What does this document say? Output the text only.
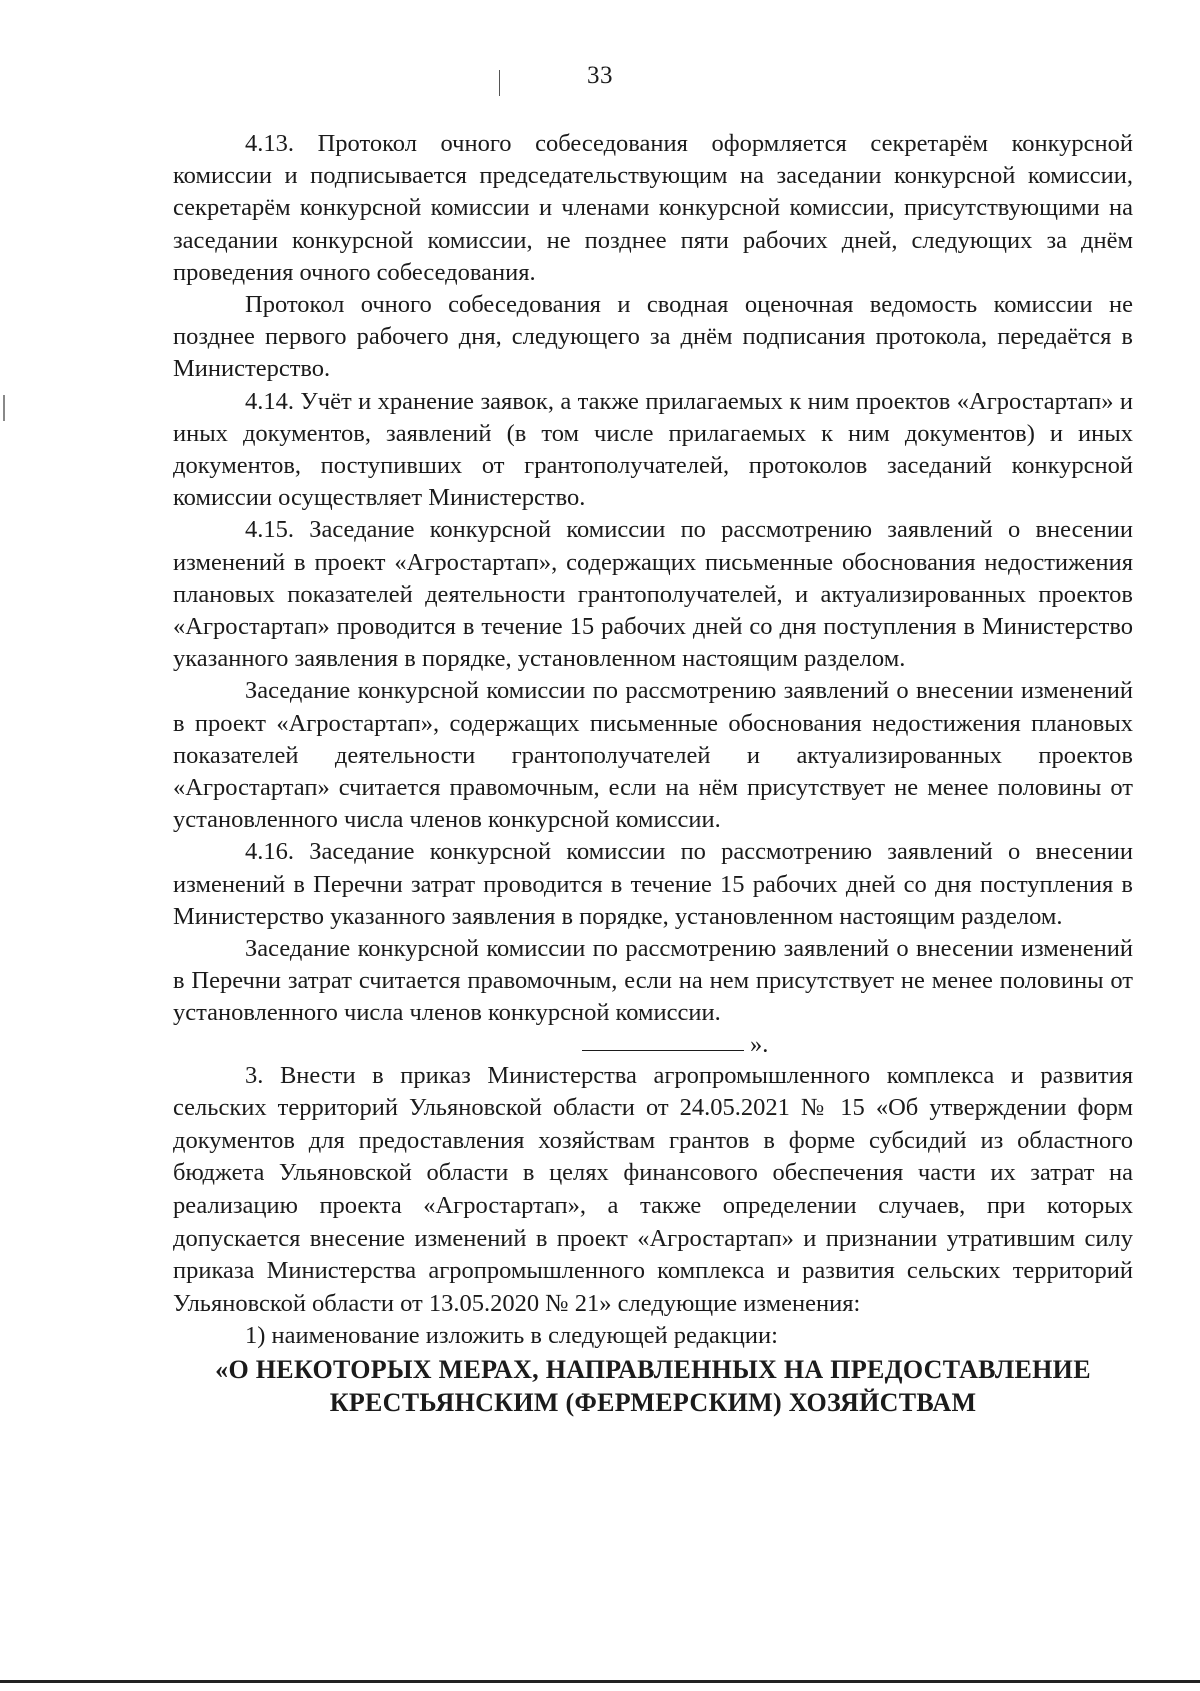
33

4.13. Протокол очного собеседования оформляется секретарём конкурсной комиссии и подписывается председательствующим на заседании конкурсной комиссии, секретарём конкурсной комиссии и членами конкурсной комиссии, присутствующими на заседании конкурсной комиссии, не позднее пяти рабочих дней, следующих за днём проведения очного собеседования.

Протокол очного собеседования и сводная оценочная ведомость комиссии не позднее первого рабочего дня, следующего за днём подписания протокола, передаётся в Министерство.

4.14. Учёт и хранение заявок, а также прилагаемых к ним проектов «Агростартап» и иных документов, заявлений (в том числе прилагаемых к ним документов) и иных документов, поступивших от грантополучателей, протоколов заседаний конкурсной комиссии осуществляет Министерство.

4.15. Заседание конкурсной комиссии по рассмотрению заявлений о внесении изменений в проект «Агростартап», содержащих письменные обоснования недостижения плановых показателей деятельности грантополучателей, и актуализированных проектов «Агростартап» проводится в течение 15 рабочих дней со дня поступления в Министерство указанного заявления в порядке, установленном настоящим разделом.

Заседание конкурсной комиссии по рассмотрению заявлений о внесении изменений в проект «Агростартап», содержащих письменные обоснования недостижения плановых показателей деятельности грантополучателей и актуализированных проектов «Агростартап» считается правомочным, если на нём присутствует не менее половины от установленного числа членов конкурсной комиссии.

4.16. Заседание конкурсной комиссии по рассмотрению заявлений о внесении изменений в Перечни затрат проводится в течение 15 рабочих дней со дня поступления в Министерство указанного заявления в порядке, установленном настоящим разделом.

Заседание конкурсной комиссии по рассмотрению заявлений о внесении изменений в Перечни затрат считается правомочным, если на нем присутствует не менее половины от установленного числа членов конкурсной комиссии.

».

3. Внести в приказ Министерства агропромышленного комплекса и развития сельских территорий Ульяновской области от 24.05.2021 № 15 «Об утверждении форм документов для предоставления хозяйствам грантов в форме субсидий из областного бюджета Ульяновской области в целях финансового обеспечения части их затрат на реализацию проекта «Агростартап», а также определении случаев, при которых допускается внесение изменений в проект «Агростартап» и признании утратившим силу приказа Министерства агропромышленного комплекса и развития сельских территорий Ульяновской области от 13.05.2020 № 21» следующие изменения:

1) наименование изложить в следующей редакции:

«О НЕКОТОРЫХ МЕРАХ, НАПРАВЛЕННЫХ НА ПРЕДОСТАВЛЕНИЕ

КРЕСТЬЯНСКИМ (ФЕРМЕРСКИМ) ХОЗЯЙСТВАМ
